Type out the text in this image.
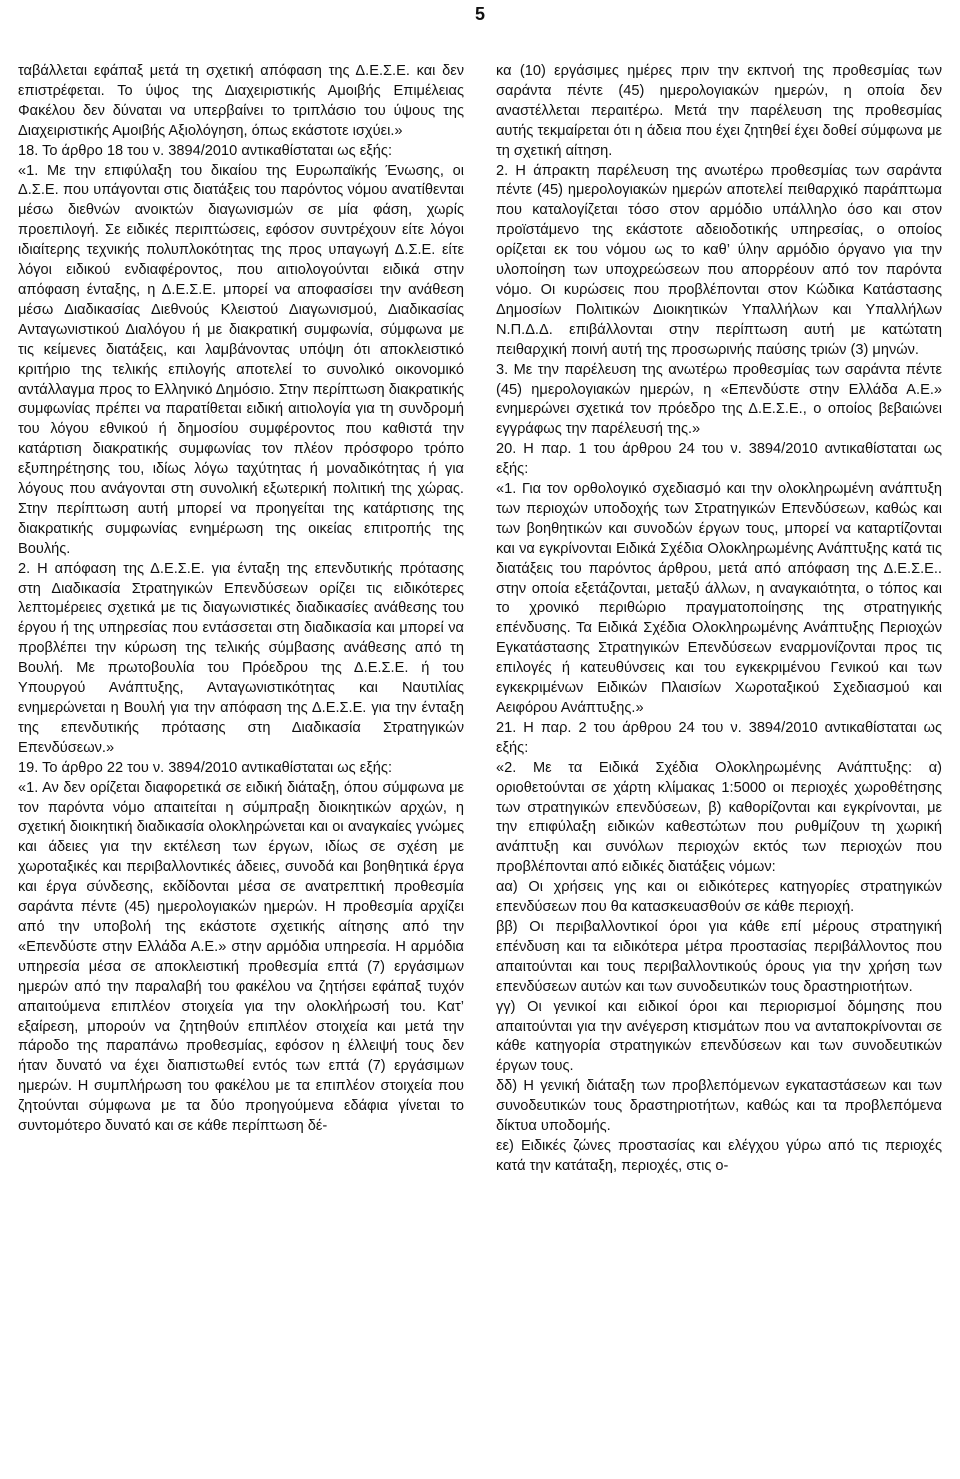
5

ταβάλλεται εφάπαξ μετά τη σχετική απόφαση της Δ.Ε.Σ.Ε. και δεν επιστρέφεται. Το ύψος της Διαχειριστικής Αμοιβής Επιμέλειας Φακέλου δεν δύναται να υπερβαίνει το τριπλάσιο του ύψους της Διαχειριστικής Αμοιβής Αξιολόγηση, όπως εκάστοτε ισχύει.»

18. Το άρθρο 18 του ν. 3894/2010 αντικαθίσταται ως εξής:

«1. Με την επιφύλαξη του δικαίου της Ευρωπαϊκής Ένωσης, οι Δ.Σ.Ε. που υπάγονται στις διατάξεις του παρόντος νόμου ανατίθενται μέσω διεθνών ανοικτών διαγωνισμών σε μία φάση, χωρίς προεπιλογή. Σε ειδικές περιπτώσεις, εφόσον συντρέχουν είτε λόγοι ιδιαίτερης τεχνικής πολυπλοκότητας της προς υπαγωγή Δ.Σ.Ε. είτε λόγοι ειδικού ενδιαφέροντος, που αιτιολογούνται ειδικά στην απόφαση ένταξης, η Δ.Ε.Σ.Ε. μπορεί να αποφασίσει την ανάθεση μέσω Διαδικασίας Διεθνούς Κλειστού Διαγωνισμού, Διαδικασίας Ανταγωνιστικού Διαλόγου ή με διακρατική συμφωνία, σύμφωνα με τις κείμενες διατάξεις, και λαμβάνοντας υπόψη ότι αποκλειστικό κριτήριο της τελικής επιλογής αποτελεί το συνολικό οικονομικό αντάλλαγμα προς το Ελληνικό Δημόσιο. Στην περίπτωση διακρατικής συμφωνίας πρέπει να παρατίθεται ειδική αιτιολογία για τη συνδρομή του λόγου εθνικού ή δημοσίου συμφέροντος που καθιστά την κατάρτιση διακρατικής συμφωνίας τον πλέον πρόσφορο τρόπο εξυπηρέτησης του, ιδίως λόγω ταχύτητας ή μοναδικότητας ή για λόγους που ανάγονται στη συνολική εξωτερική πολιτική της χώρας. Στην περίπτωση αυτή μπορεί να προηγείται της κατάρτισης της διακρατικής συμφωνίας ενημέρωση της οικείας επιτροπής της Βουλής.

2. Η απόφαση της Δ.Ε.Σ.Ε. για ένταξη της επενδυτικής πρότασης στη Διαδικασία Στρατηγικών Επενδύσεων ορίζει τις ειδικότερες λεπτομέρειες σχετικά με τις διαγωνιστικές διαδικασίες ανάθεσης του έργου ή της υπηρεσίας που εντάσσεται στη διαδικασία και μπορεί να προβλέπει την κύρωση της τελικής σύμβασης ανάθεσης από τη Βουλή. Με πρωτοβουλία του Πρόεδρου της Δ.Ε.Σ.Ε. ή του Υπουργού Ανάπτυξης, Ανταγωνιστικότητας και Ναυτιλίας ενημερώνεται η Βουλή για την απόφαση της Δ.Ε.Σ.Ε. για την ένταξη της επενδυτικής πρότασης στη Διαδικασία Στρατηγικών Επενδύσεων.»

19. Το άρθρο 22 του ν. 3894/2010 αντικαθίσταται ως εξής:

«1. Αν δεν ορίζεται διαφορετικά σε ειδική διάταξη, όπου σύμφωνα με τον παρόντα νόμο απαιτείται η σύμπραξη διοικητικών αρχών, η σχετική διοικητική διαδικασία ολοκληρώνεται και οι αναγκαίες γνώμες και άδειες για την εκτέλεση των έργων, ιδίως σε σχέση με χωροταξικές και περιβαλλοντικές άδειες, συνοδά και βοηθητικά έργα και έργα σύνδεσης, εκδίδονται μέσα σε ανατρεπτική προθεσμία σαράντα πέντε (45) ημερολογιακών ημερών. Η προθεσμία αρχίζει από την υποβολή της εκάστοτε σχετικής αίτησης από την «Επενδύστε στην Ελλάδα Α.Ε.» στην αρμόδια υπηρεσία. Η αρμόδια υπηρεσία μέσα σε αποκλειστική προθεσμία επτά (7) εργάσιμων ημερών από την παραλαβή του φακέλου να ζητήσει εφάπαξ τυχόν απαιτούμενα επιπλέον στοιχεία για την ολοκλήρωσή του. Κατ’ εξαίρεση, μπορούν να ζητηθούν επιπλέον στοιχεία και μετά την πάροδο της παραπάνω προθεσμίας, εφόσον η έλλειψή τους δεν ήταν δυνατό να έχει διαπιστωθεί εντός των επτά (7) εργάσιμων ημερών. Η συμπλήρωση του φακέλου με τα επιπλέον στοιχεία που ζητούνται σύμφωνα με τα δύο προηγούμενα εδάφια γίνεται το συντομότερο δυνατό και σε κάθε περίπτωση δέ-

κα (10) εργάσιμες ημέρες πριν την εκπνοή της προθεσμίας των σαράντα πέντε (45) ημερολογιακών ημερών, η οποία δεν αναστέλλεται περαιτέρω. Μετά την παρέλευση της προθεσμίας αυτής τεκμαίρεται ότι η άδεια που έχει ζητηθεί έχει δοθεί σύμφωνα με τη σχετική αίτηση.

2. Η άπρακτη παρέλευση της ανωτέρω προθεσμίας των σαράντα πέντε (45) ημερολογιακών ημερών αποτελεί πειθαρχικό παράπτωμα που καταλογίζεται τόσο στον αρμόδιο υπάλληλο όσο και στον προϊστάμενο της εκάστοτε αδειοδοτικής υπηρεσίας, ο οποίος ορίζεται εκ του νόμου ως το καθ’ ύλην αρμόδιο όργανο για την υλοποίηση των υποχρεώσεων που απορρέουν από τον παρόντα νόμο. Οι κυρώσεις που προβλέπονται στον Κώδικα Κατάστασης Δημοσίων Πολιτικών Διοικητικών Υπαλλήλων και Υπαλλήλων Ν.Π.Δ.Δ. επιβάλλονται στην περίπτωση αυτή με κατώτατη πειθαρχική ποινή αυτή της προσωρινής παύσης τριών (3) μηνών.

3. Με την παρέλευση της ανωτέρω προθεσμίας των σαράντα πέντε (45) ημερολογιακών ημερών, η «Επενδύστε στην Ελλάδα Α.Ε.» ενημερώνει σχετικά τον πρόεδρο της Δ.Ε.Σ.Ε., ο οποίος βεβαιώνει εγγράφως την παρέλευσή της.»

20. Η παρ. 1 του άρθρου 24 του ν. 3894/2010 αντικαθίσταται ως εξής:

«1. Για τον ορθολογικό σχεδιασμό και την ολοκληρωμένη ανάπτυξη των περιοχών υποδοχής των Στρατηγικών Επενδύσεων, καθώς και των βοηθητικών και συνοδών έργων τους, μπορεί να καταρτίζονται και να εγκρίνονται Ειδικά Σχέδια Ολοκληρωμένης Ανάπτυξης κατά τις διατάξεις του παρόντος άρθρου, μετά από απόφαση της Δ.Ε.Σ.Ε.. στην οποία εξετάζονται, μεταξύ άλλων, η αναγκαιότητα, ο τόπος και το χρονικό περιθώριο πραγματοποίησης της στρατηγικής επένδυσης. Τα Ειδικά Σχέδια Ολοκληρωμένης Ανάπτυξης Περιοχών Εγκατάστασης Στρατηγικών Επενδύσεων εναρμονίζονται προς τις επιλογές ή κατευθύνσεις και του εγκεκριμένου Γενικού και των εγκεκριμένων Ειδικών Πλαισίων Χωροταξικού Σχεδιασμού και Αειφόρου Ανάπτυξης.»

21. Η παρ. 2 του άρθρου 24 του ν. 3894/2010 αντικαθίσταται ως εξής:

«2. Με τα Ειδικά Σχέδια Ολοκληρωμένης Ανάπτυξης: α) οριοθετούνται σε χάρτη κλίμακας 1:5000 οι περιοχές χωροθέτησης των στρατηγικών επενδύσεων, β) καθορίζονται και εγκρίνονται, με την επιφύλαξη ειδικών καθεστώτων που ρυθμίζουν τη χωρική ανάπτυξη και συνόλων περιοχών εκτός των περιοχών που προβλέπονται από ειδικές διατάξεις νόμων:

αα) Οι χρήσεις γης και οι ειδικότερες κατηγορίες στρατηγικών επενδύσεων που θα κατασκευασθούν σε κάθε περιοχή.

ββ) Οι περιβαλλοντικοί όροι για κάθε επί μέρους στρατηγική επένδυση και τα ειδικότερα μέτρα προστασίας περιβάλλοντος που απαιτούνται και τους περιβαλλοντικούς όρους για την χρήση των επενδύσεων αυτών και των συνοδευτικών τους δραστηριοτήτων.

γγ) Οι γενικοί και ειδικοί όροι και περιορισμοί δόμησης που απαιτούνται για την ανέγερση κτισμάτων που να ανταποκρίνονται σε κάθε κατηγορία στρατηγικών επενδύσεων και των συνοδευτικών έργων τους.

δδ) Η γενική διάταξη των προβλεπόμενων εγκαταστάσεων και των συνοδευτικών τους δραστηριοτήτων, καθώς και τα προβλεπόμενα δίκτυα υποδομής.

εε) Ειδικές ζώνες προστασίας και ελέγχου γύρω από τις περιοχές κατά την κατάταξη, περιοχές, στις ο-
